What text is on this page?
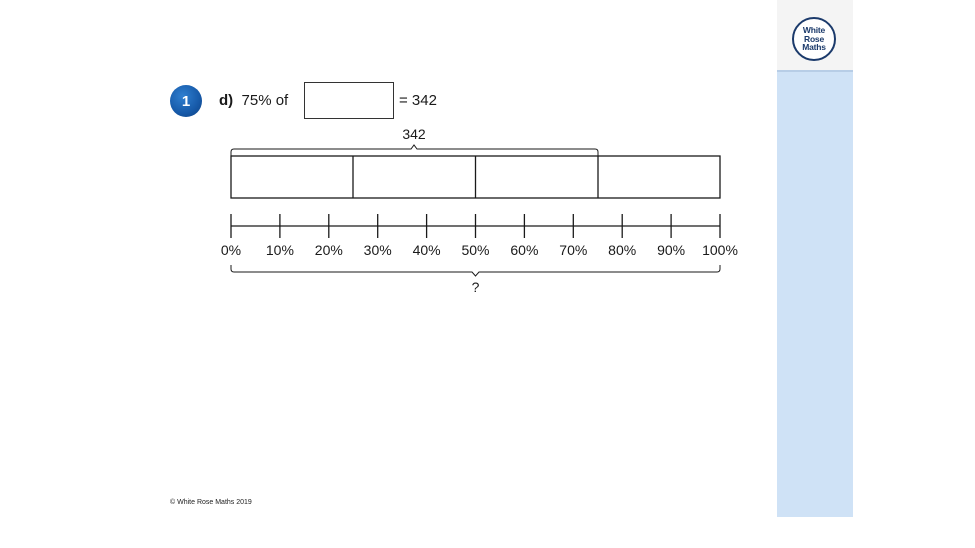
White
Rose
Maths
1 d) 75% of	= 342
342
0% 10% 20% 30% 40% 50% 60% 70% 80% 90% 100%
?
© White Rose Maths 2019
